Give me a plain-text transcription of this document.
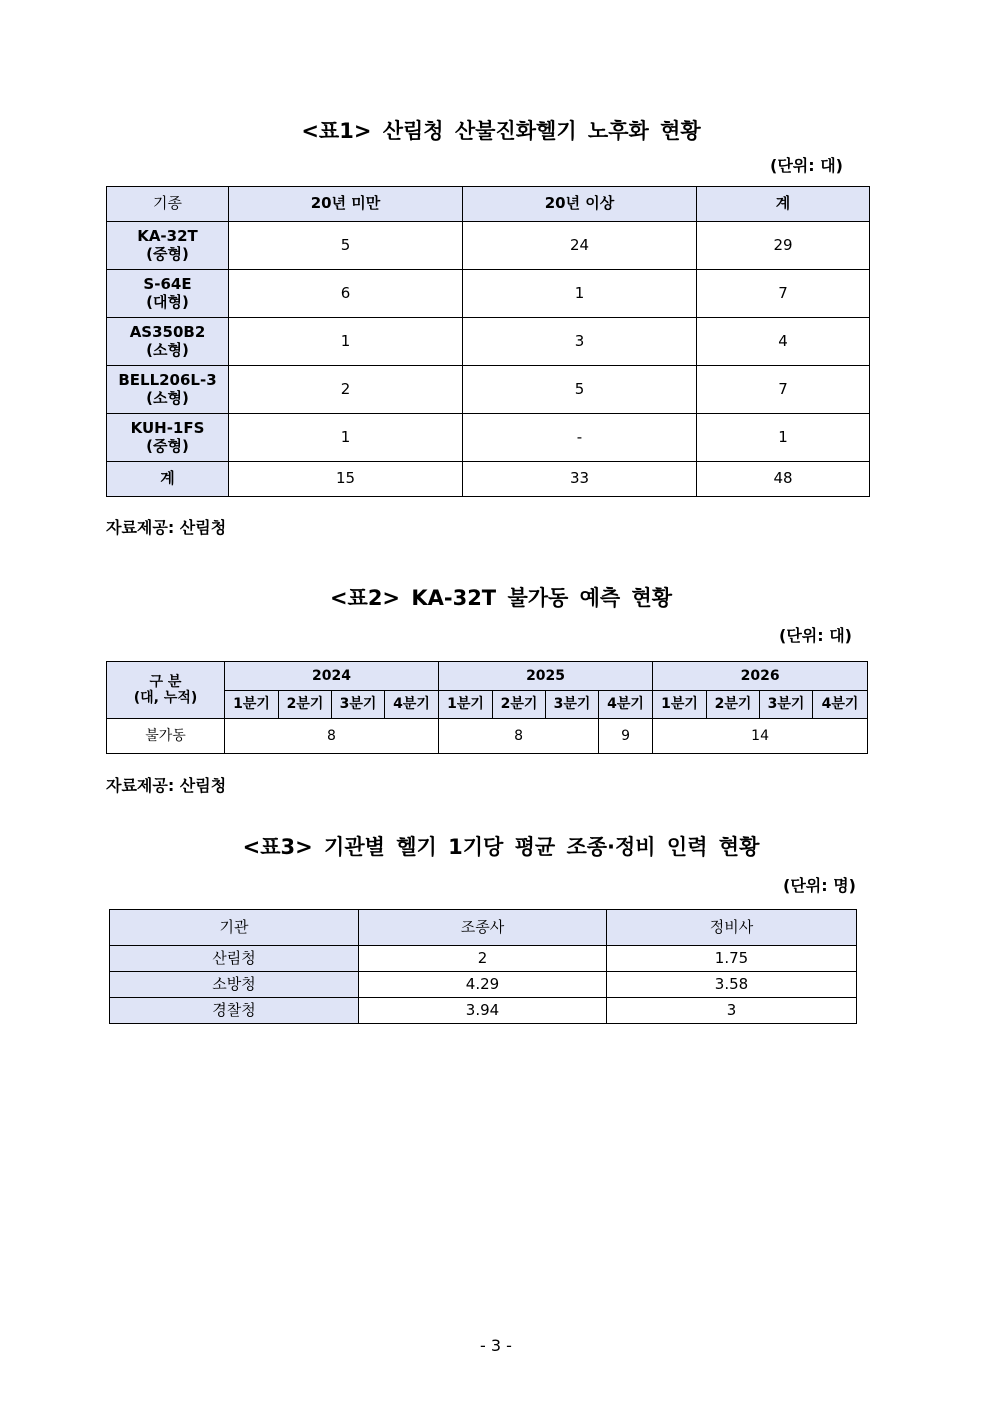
<표1> 산림청 산불진화헬기 노후화 현황
(단위: 대)
기종	20년 미만	20년 이상	계

KA-32T
(중형)	5	24	29

S-64E
(대형)	6	1	7

AS350B2
(소형)	1	3	4

BELL206L-3
(소형)	2	5	7

KUH-1FS
(중형)	1	-	1
계	15	33	48
자료제공: 산림청
<표2> KA-32T 불가동 예측 현황
(단위: 대)
구 분
(대, 누적)	2024				2025				2026			
	1분기	2분기	3분기	4분기	1분기	2분기	3분기	4분기	1분기	2분기	3분기	4분기
불가동	8				8			9	14			
자료제공: 산림청
<표3> 기관별 헬기 1기당 평균 조종·정비 인력 현황
(단위: 명)
기관	조종사	정비사
산림청	2	1.75
소방청	4.29	3.58
경찰청	3.94	3
- 3 -
